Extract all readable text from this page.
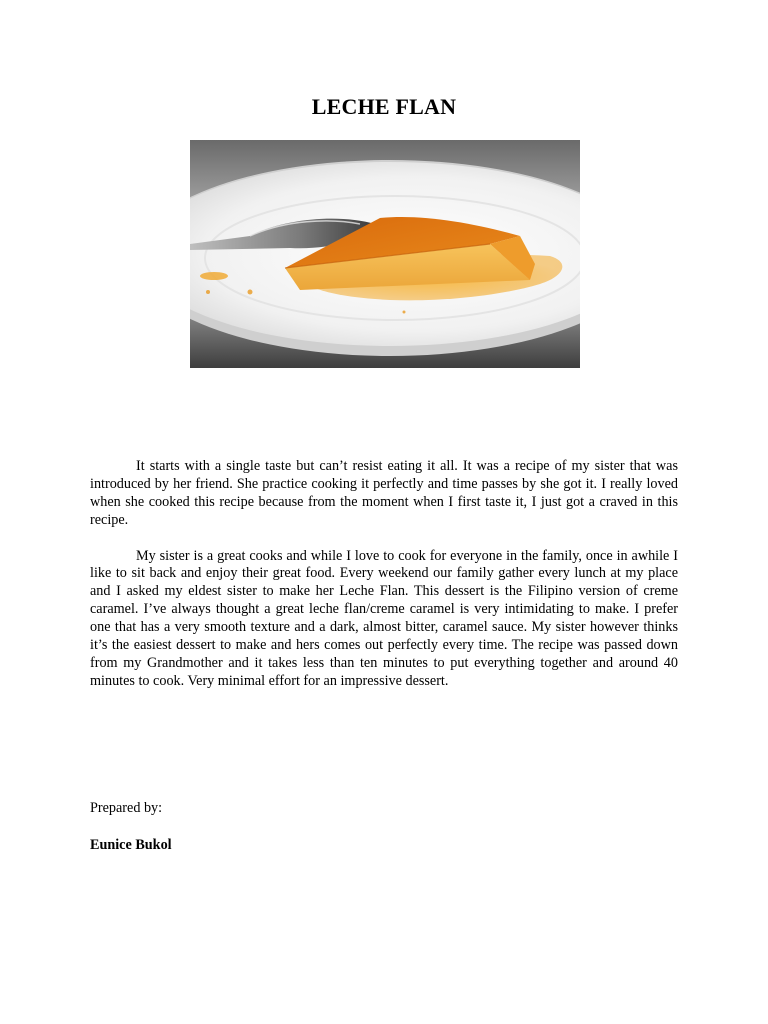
LECHE FLAN

It starts with a single taste but can’t resist eating it all. It was a recipe of my sister that was introduced by her friend. She practice cooking it perfectly and time passes by she got it. I really loved when she cooked this recipe because from the moment when I first taste it, I just got a craved in this recipe.

My sister is a great cooks and while I love to cook for everyone in the family, once in awhile I like to sit back and enjoy their great food. Every weekend our family gather every lunch at my place and I asked my eldest sister to make her Leche Flan. This dessert is the Filipino version of creme caramel. I’ve always thought a great leche flan/creme caramel is very intimidating to make. I prefer one that has a very smooth texture and a dark, almost bitter, caramel sauce. My sister however thinks it’s the easiest dessert to make and hers comes out perfectly every time. The recipe was passed down from my Grandmother and it takes less than ten minutes to put everything together and around 40 minutes to cook. Very minimal effort for an impressive dessert.

Prepared by:

Eunice Bukol
